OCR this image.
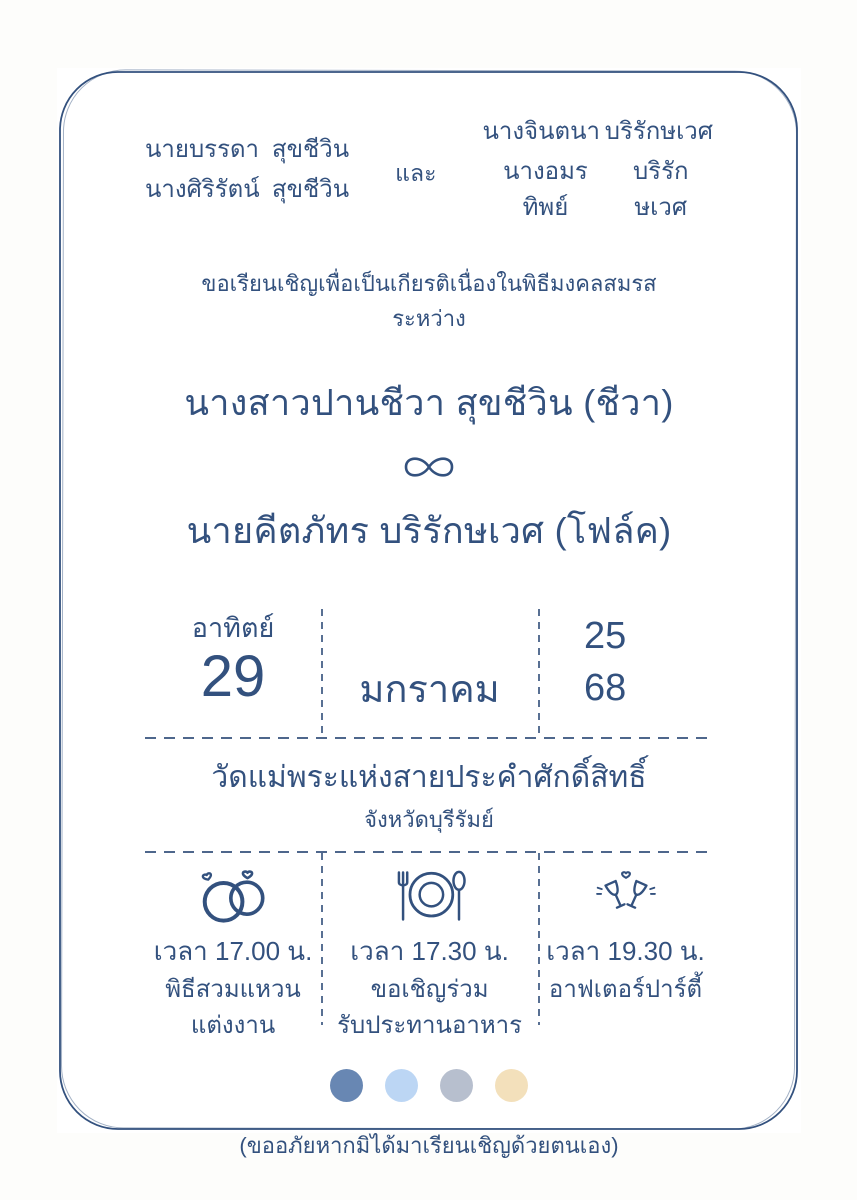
นายบรรดา สุขชีวิน
นางศิริรัตน์ สุขชีวิน
และ
นางจินตนา บริรักษเวศ
นางอมรทิพย์
บริรักษเวศ
ขอเรียนเชิญเพื่อเป็นเกียรติเนื่องในพิธีมงคลสมรส
ระหว่าง
นางสาวปานชีวา สุขชีวิน (ชีวา)
นายคีตภัทร บริรักษเวศ (โฟล์ค)
อาทิตย์
29	มกราคม
25
68
วัดแม่พระแห่งสายประคำศักดิ์สิทธิ์
จังหวัดบุรีรัมย์
เวลา 17.00 น.
พิธีสวมแหวน
แต่งงาน
เวลา 17.30 น.
ขอเชิญร่วม
รับประทานอาหาร
เวลา 19.30 น.
อาฟเตอร์ปาร์ตี้
(ขออภัยหากมิได้มาเรียนเชิญด้วยตนเอง)
